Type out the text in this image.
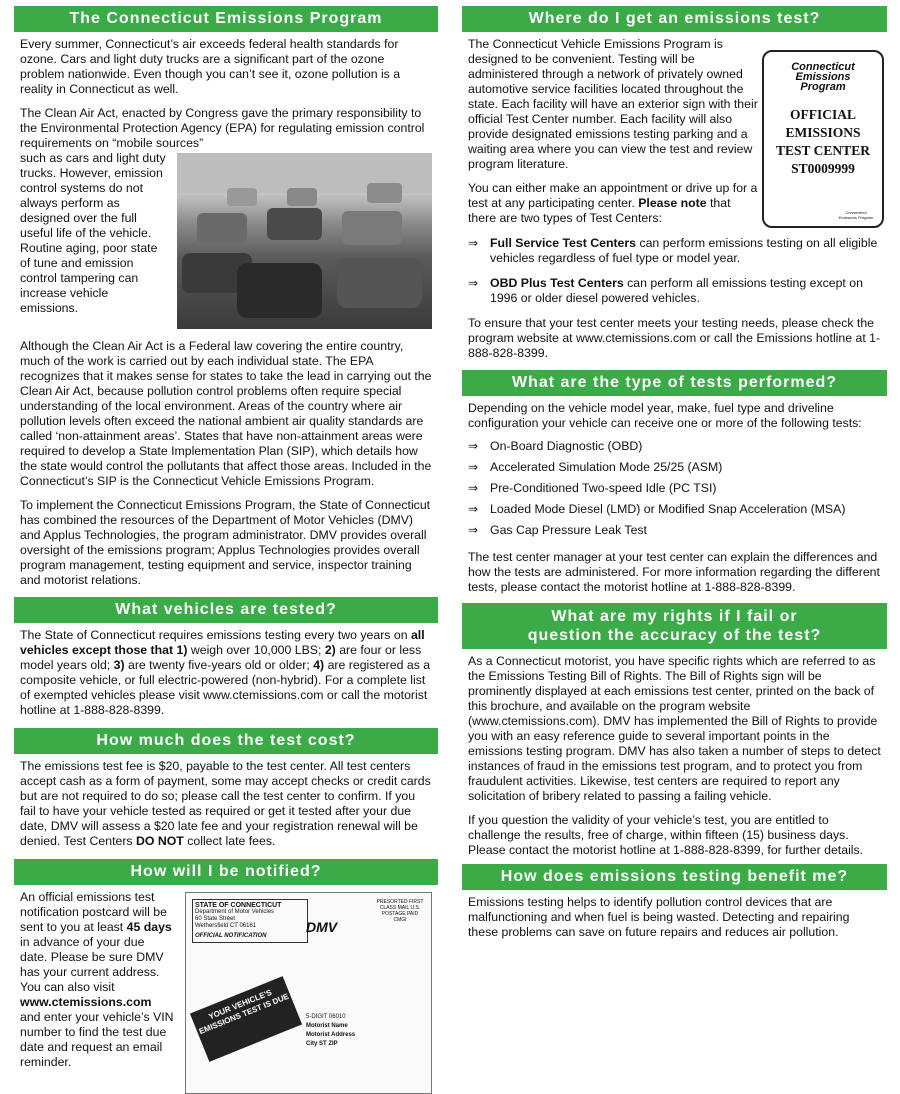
The Connecticut Emissions Program

Every summer, Connecticut’s air exceeds federal health standards for ozone. Cars and light duty trucks are a significant part of the ozone problem nationwide. Even though you can’t see it, ozone pollution is a reality in Connecticut as well.

The Clean Air Act, enacted by Congress gave the primary responsibility to the Environmental Protection Agency (EPA) for regulating emission control requirements on “mobile sources”

such as cars and light duty trucks. However, emission control systems do not always perform as designed over the full useful life of the vehicle. Routine aging, poor state of tune and emission control tampering can increase vehicle emissions.

Although the Clean Air Act is a Federal law covering the entire country, much of the work is carried out by each individual state. The EPA recognizes that it makes sense for states to take the lead in carrying out the Clean Air Act, because pollution control problems often require special understanding of the local environment. Areas of the country where air pollution levels often exceed the national ambient air quality standards are called ‘non-attainment areas’. States that have non-attainment areas were required to develop a State Implementation Plan (SIP), which details how the state would control the pollutants that affect those areas. Included in the Connecticut’s SIP is the Connecticut Vehicle Emissions Program.

To implement the Connecticut Emissions Program, the State of Connecticut has combined the resources of the Department of Motor Vehicles (DMV) and Applus Technologies, the program administrator. DMV provides overall oversight of the emissions program; Applus Technologies provides overall program management, testing equipment and service, inspector training and motorist relations.

What vehicles are tested?

The State of Connecticut requires emissions testing every two years on all vehicles except those that 1) weigh over 10,000 LBS; 2) are four or less model years old; 3) are twenty five-years old or older; 4) are registered as a composite vehicle, or full electric-powered (non-hybrid). For a complete list of exempted vehicles please visit www.ctemissions.com or call the motorist hotline at 1-888-828-8399.

How much does the test cost?

The emissions test fee is $20, payable to the test center. All test centers accept cash as a form of payment, some may accept checks or credit cards but are not required to do so; please call the test center to confirm. If you fail to have your vehicle tested as required or get it tested after your due date, DMV will assess a $20 late fee and your registration renewal will be denied. Test Centers DO NOT collect late fees.

How will I be notified?
STATE OF CONNECTICUT
Department of Motor Vehicles
60 State Street
Wethersfield CT 06161
OFFICIAL NOTIFICATION
DMV
PRESORTED FIRST CLASS MAIL U.S. POSTAGE PAID CMGI
YOUR VEHICLE'S EMISSIONS TEST IS DUE	5-DIGIT 06010
Motorist Name
Motorist Address
City ST ZIP

An official emissions test notification postcard will be sent to you at least 45 days in advance of your due date. Please be sure DMV has your current address. You can also visit www.ctemissions.com and enter your vehicle’s VIN number to find the test due date and request an email reminder.

Where do I get an emissions test?

The Connecticut Vehicle Emissions Program is designed to be convenient. Testing will be administered through a network of privately owned automotive service facilities located throughout the state. Each facility will have an exterior sign with their official Test Center number. Each facility will also provide designated emissions testing parking and a waiting area where you can view the test and review program literature.

You can either make an appointment or drive up for a test at any participating center. Please note that there are two types of Test Centers:

⇒ Full Service Test Centers can perform emissions testing on all eligible vehicles regardless of fuel type or model year.
⇒ OBD Plus Test Centers can perform all emissions testing except on 1996 or older diesel powered vehicles.

To ensure that your test center meets your testing needs, please check the program website at www.ctemissions.com or call the Emissions hotline at 1-888-828-8399.

What are the type of tests performed?

Depending on the vehicle model year, make, fuel type and driveline configuration your vehicle can receive one or more of the following tests:

⇒ On-Board Diagnostic (OBD)
⇒ Accelerated Simulation Mode 25/25 (ASM)
⇒ Pre-Conditioned Two-speed Idle (PC TSI)
⇒ Loaded Mode Diesel (LMD) or Modified Snap Acceleration (MSA)
⇒ Gas Cap Pressure Leak Test

The test center manager at your test center can explain the differences and how the tests are administered. For more information regarding the different tests, please contact the motorist hotline at 1-888-828-8399.

What are my rights if I fail or
question the accuracy of the test?

As a Connecticut motorist, you have specific rights which are referred to as the Emissions Testing Bill of Rights. The Bill of Rights sign will be prominently displayed at each emissions test center, printed on the back of this brochure, and available on the program website (www.ctemissions.com). DMV has implemented the Bill of Rights to provide you with an easy reference guide to several important points in the emissions testing program. DMV has also taken a number of steps to detect instances of fraud in the emissions test program, and to protect you from fraudulent activities. Likewise, test centers are required to report any solicitation of bribery related to passing a failing vehicle.

If you question the validity of your vehicle’s test, you are entitled to challenge the results, free of charge, within fifteen (15) business days. Please contact the motorist hotline at 1-888-828-8399, for further details.

How does emissions testing benefit me?

Emissions testing helps to identify pollution control devices that are malfunctioning and when fuel is being wasted. Detecting and repairing these problems can save on future repairs and reduces air pollution.

Connecticut
Emissions
Program
OFFICIAL
EMISSIONS
TEST CENTER
ST0009999
Connecticut Emissions Program
